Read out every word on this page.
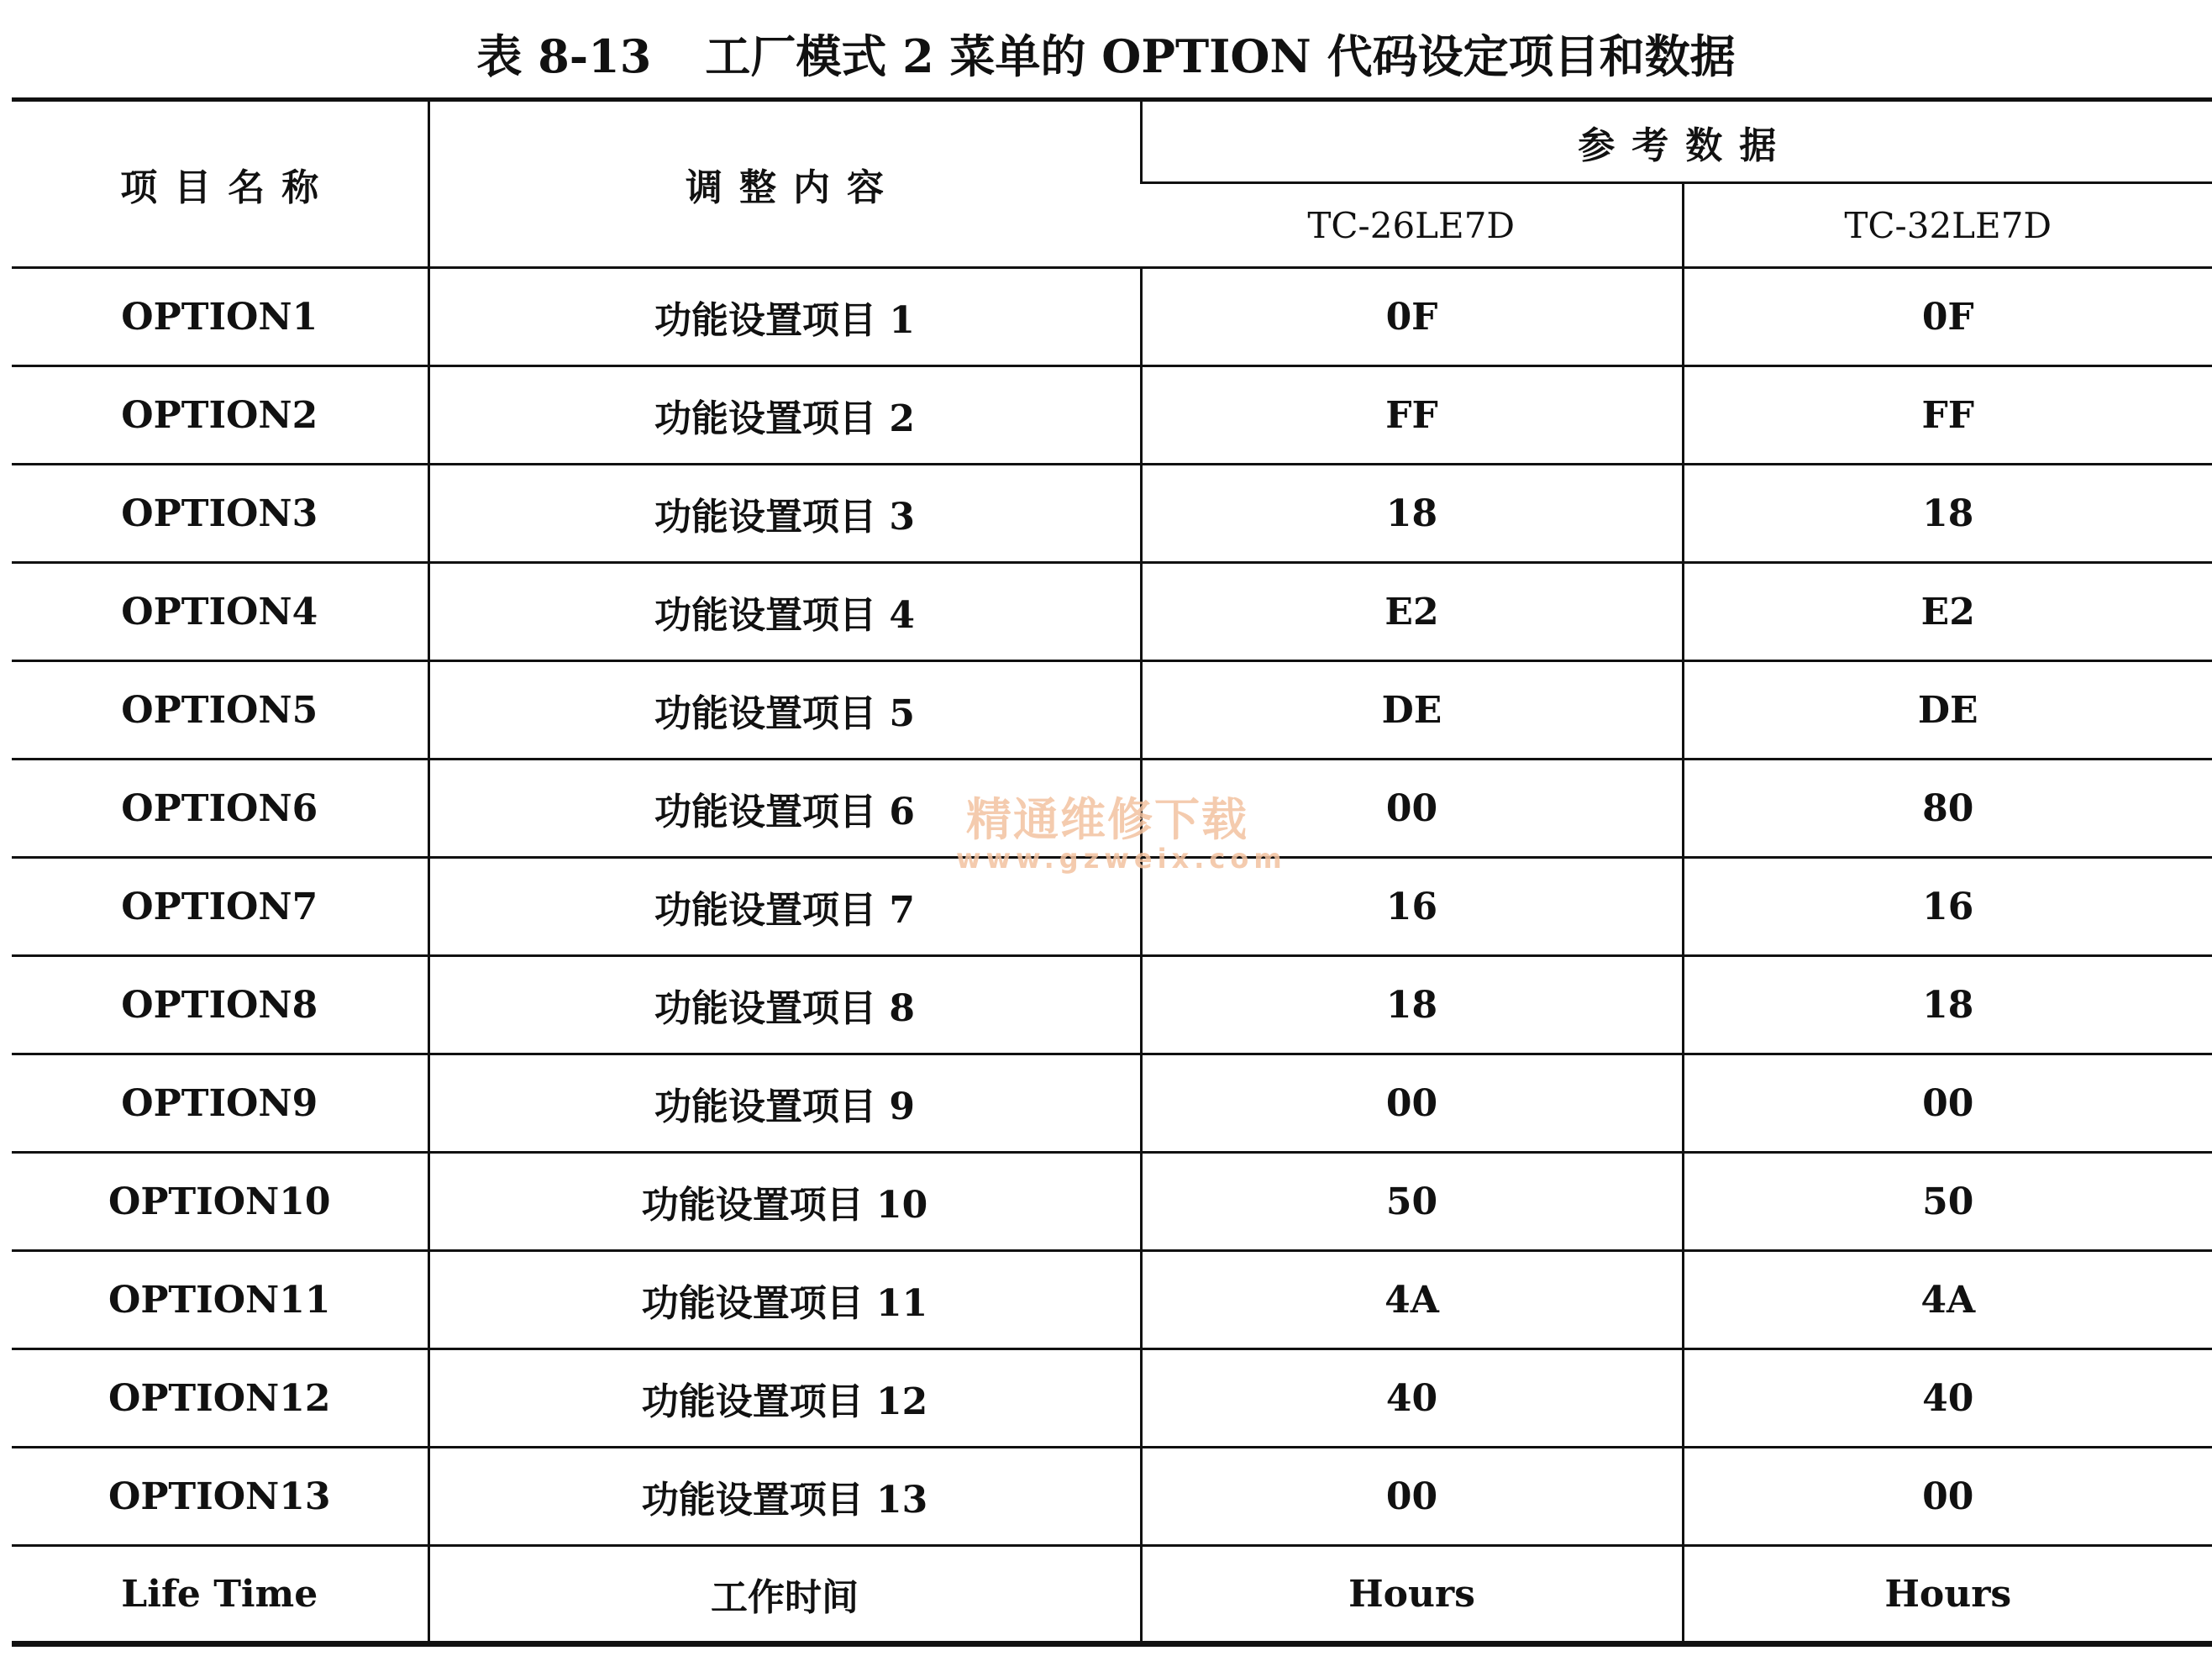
表 8-13 工厂模式 2 菜单的 OPTION 代码设定项目和数据
项目名称	调整内容	参考数据	
		TC-26LE7D	TC-32LE7D
OPTION1	功能设置项目 1	0F	0F
OPTION2	功能设置项目 2	FF	FF
OPTION3	功能设置项目 3	18	18
OPTION4	功能设置项目 4	E2	E2
OPTION5	功能设置项目 5	DE	DE
OPTION6	功能设置项目 6	00	80
OPTION7	功能设置项目 7	16	16
OPTION8	功能设置项目 8	18	18
OPTION9	功能设置项目 9	00	00
OPTION10	功能设置项目 10	50	50
OPTION11	功能设置项目 11	4A	4A
OPTION12	功能设置项目 12	40	40
OPTION13	功能设置项目 13	00	00
Life Time	工作时间	Hours	Hours
精通维修下载
www.gzweix.com
